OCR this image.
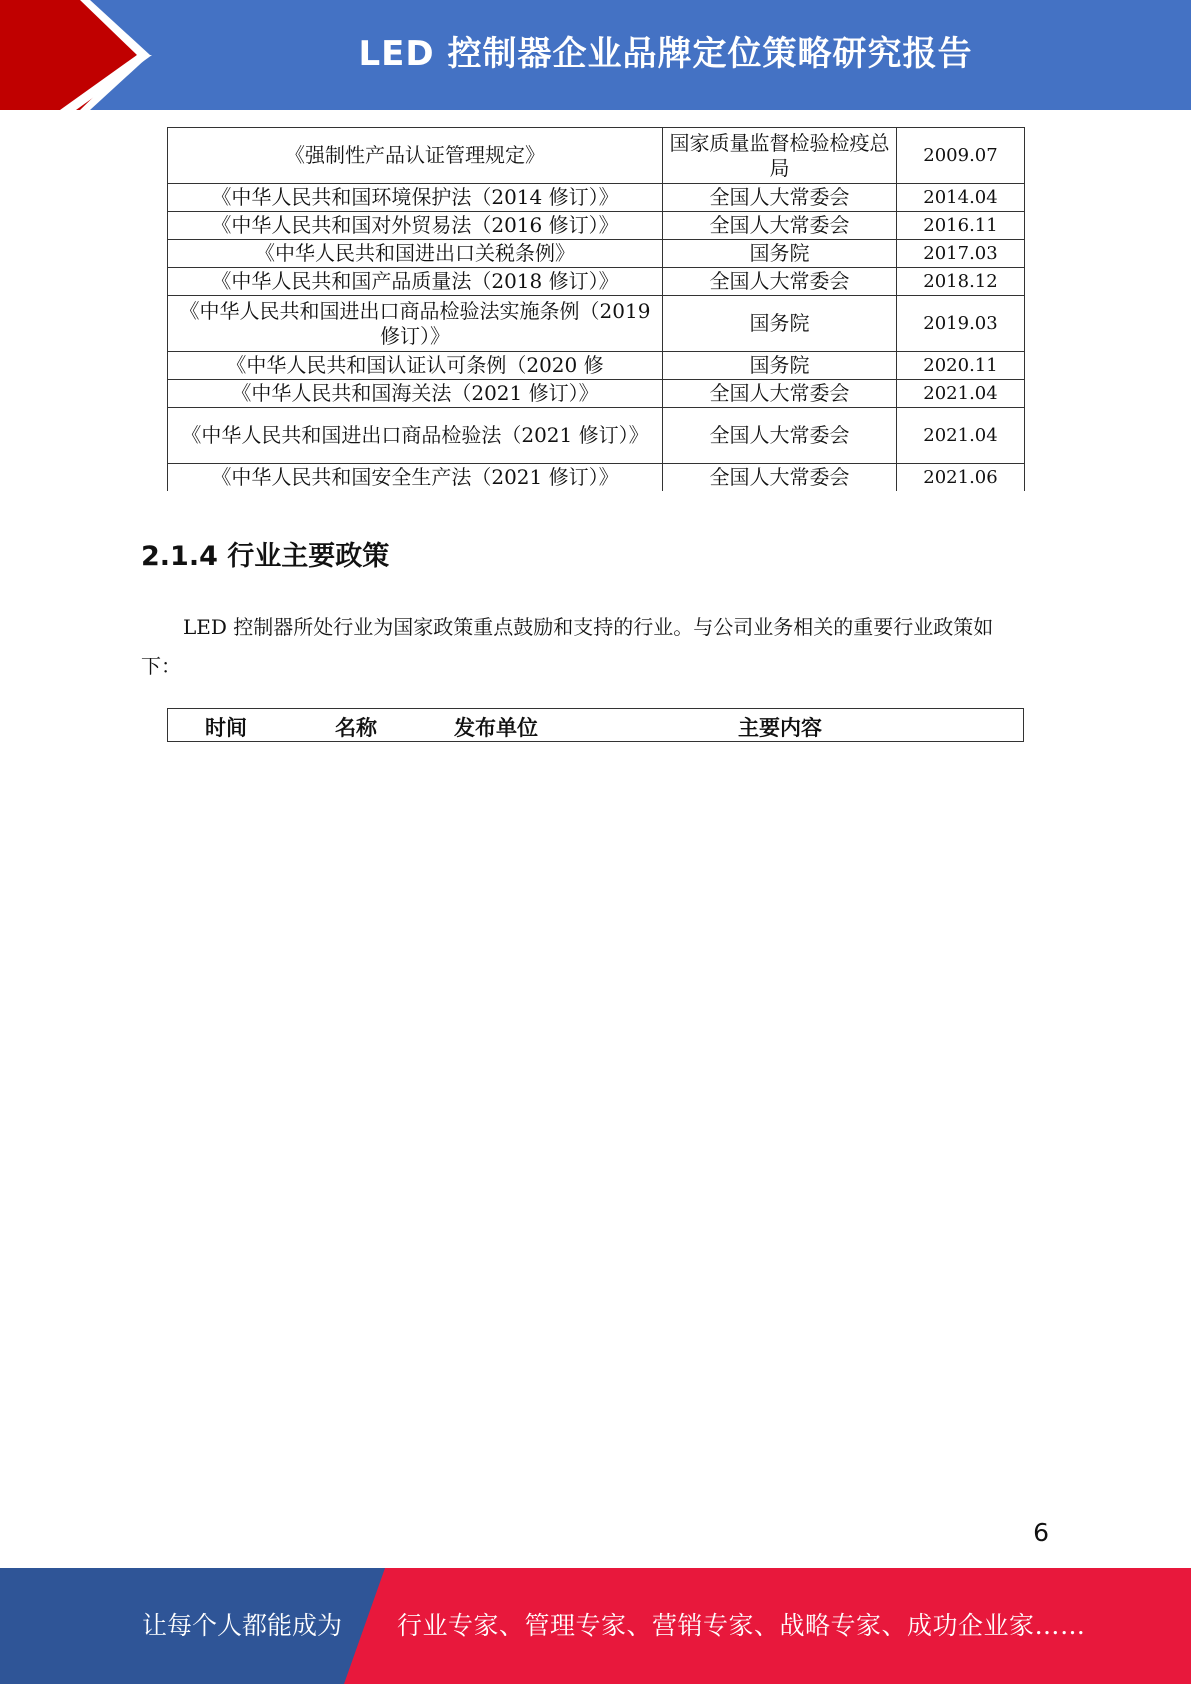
LED 控制器企业品牌定位策略研究报告
《强制性产品认证管理规定》	国家质量监督检验检疫总局	2009.07
《中华人民共和国环境保护法（2014 修订）》	全国人大常委会	2014.04
《中华人民共和国对外贸易法（2016 修订）》	全国人大常委会	2016.11
《中华人民共和国进出口关税条例》	国务院	2017.03
《中华人民共和国产品质量法（2018 修订）》	全国人大常委会	2018.12
《中华人民共和国进出口商品检验法实施条例（2019 修订）》	国务院	2019.03
《中华人民共和国认证认可条例（2020 修	国务院	2020.11
《中华人民共和国海关法（2021 修订）》	全国人大常委会	2021.04
《中华人民共和国进出口商品检验法（2021 修订）》	全国人大常委会	2021.04
《中华人民共和国安全生产法（2021 修订）》	全国人大常委会	2021.06
2.1.4 行业主要政策
LED 控制器所处行业为国家政策重点鼓励和支持的行业。与公司业务相关的重要行业政策如下：
时间	名称	发布单位	主要内容
6
让每个人都能成为 行业专家、管理专家、营销专家、战略专家、成功企业家……
